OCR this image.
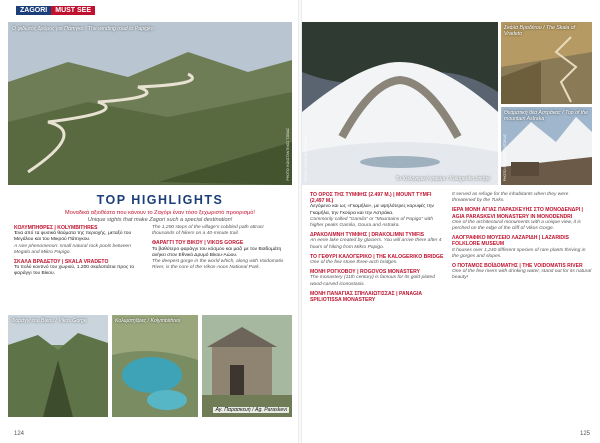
ZAGORI	MUST SEE
Ο φιδωτός δρόμος για Πάπιγκο / The winding road to Papigko
PHOTO: ΚΩΝΣΤΑΝΤΙΝΟΣ ΤΖΙΒΑΣ
TOP HIGHLIGHTS
Μοναδικά αξιοθέατα που κάνουν το Ζαγόρι έναν τόσο ξεχωριστό προορισμό!
Unique sights that make Zagori such a special destination!
ΚΟΛΥΜΠΗΘΡΕΣ | KOLYMBITHRES
Ένα από τα φυσικά θαύματα της περιοχής, μεταξύ του Μεγάλου και του Μικρού Πάπιγκου.
A rare phenomenon: small natural rock pools between Megalo and Mikro Papigo.
ΣΚΑΛΑ ΒΡΑΔΕΤΟΥ | SKALA VRADETO
Το πολύ κοντινό του χωριού, 1.200 σκαλοπάτια προς το φαράγγι του Βίκου.
The 1,200 steps of the village's cobbled path attract thousands of hikers on a 40-minute trail.
ΦΑΡΑΓΓΙ ΤΟΥ ΒΙΚΟΥ | VIKOS GORGE
Το βαθύτερο φαράγγι του κόσμου και μαζί με τον Βοϊδομάτη ανήκει στον Εθνικό Δρυμό Βίκου-Αώου.
The deepest gorge in the world which, along with Voidomatis River, is the core of the Vikos-Aoos National Park.
Φαράγγι του Βίκου / Vikos Gorge	Κολυμπήθρες / Kolymbithres
Αγ. Παρασκευή / Ag. Paraskevi
124
Το Καλογερικό γεφύρι / Kalogeriko bridge
PHOTO: NIKOLAOS DOUKAS
Σκάλα Βραδέτου / The Skala of Vradeto
Θεαματική θέα Αστράκας / Top of the mountain Astraka
PHOTO: ΓΕΩΡΓΙΟΣ ΚΑΤΣΙΚΑΣ
ΤΟ ΟΡΟΣ ΤΗΣ ΤΥΜΦΗΣ (2.497 Μ.) | MOUNT TYMFI (2,497 M.)
Λεγόμενο και ως «Γκαμήλα», με υψηλότερες κορυφές την Γκαμήλα, την Γκούρα και την Αστράκα.
Commonly called "Gamila" or "Mountains of Papigo" with higher peaks Gamila, Goura and Astraka.
ΔΡΑΚΟΛΙΜΝΗ ΤΥΜΦΗΣ | DRAKOLIMNI TYMFIS
An eerie lake created by glaciers. You will arrive there after 4 hours of hiking from Mikro Papigo.
ΤΟ ΓΕΦΥΡΙ ΚΑΛΟΓΕΡΙΚΟ | THE KALOGERIKO BRIDGE
One of the few stone three-arch bridges.
ΜΟΝΗ ΡΟΓΚΟΒΟΥ | ROGOVOS MONASTERY
The monastery (11th century) is famous for its gold-plated wood-carved iconostasis.
ΜΟΝΗ ΠΑΝΑΓΙΑΣ ΣΠΗΛΑΙΩΤΙΣΣΑΣ | PANAGIA SPILIOTISSA MONASTERY
It served as refuge for the inhabitants when they were threatened by the Turks.
ΙΕΡΑ ΜΟΝΗ ΑΓΙΑΣ ΠΑΡΑΣΚΕΥΗΣ ΣΤΟ ΜΟΝΟΔΕΝΔΡΙ | AGIA PARASKEVI MONASTERY IN MONODENDRI
One of the architectural monuments with a unique view, it is perched on the edge of the cliff of Vikos Gorge.
ΛΑΟΓΡΑΦΙΚΟ ΜΟΥΣΕΙΟ ΛΑΖΑΡΙΔΗ | LAZARIDIS FOLKLORE MUSEUM
It houses over 1,240 different species of rare plants thriving in the gorges and slopes.
Ο ΠΟΤΑΜΟΣ ΒΟΪΔΟΜΑΤΗΣ | THE VOIDOMATIS RIVER
One of the few rivers with drinking water, stand out for its natural beauty!
125
